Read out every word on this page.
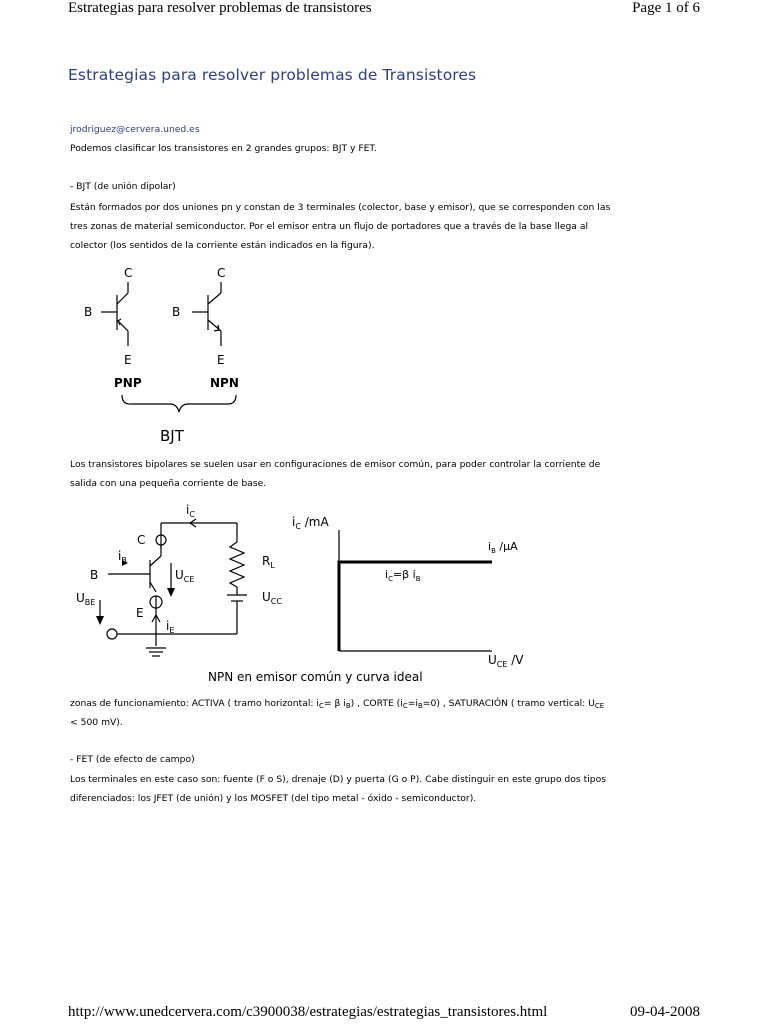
Estrategias para resolver problemas de transistores	Page 1 of 6
Estrategias para resolver problemas de Transistores
jrodriguez@cervera.uned.es
Podemos clasificar los transistores en 2 grandes grupos: BJT y FET.
- BJT (de unión dipolar)
Están formados por dos uniones pn y constan de 3 terminales (colector, base y emisor), que se corresponden con las
tres zonas de material semiconductor. Por el emisor entra un flujo de portadores que a través de la base llega al
colector (los sentidos de la corriente están indicados en la figura).
C
B
E
C
B
E
PNP	NPN
BJT
Los transistores bipolares se suelen usar en configuraciones de emisor común, para poder controlar la corriente de
salida con una pequeña corriente de base.
$i_C$
C
$i_B$
B	$U_{CE}$
$R_L$
$U_{CC}$
$U_{BE}$
E
$i_E$
$i_C$ /mA
$i_B$ /µA
$i_C=\beta$ $i_B$
$U_{CE}$ /V
NPN en emisor común y curva ideal
zonas de funcionamiento: ACTIVA ( tramo horizontal: $i_C= \beta$ $i_B$) , CORTE $(i_C=i_B=0)$ , SATURACIÓN ( tramo vertical: $U_{CE}$
< 500 mV).
- FET (de efecto de campo)
Los terminales en este caso son: fuente (F o S), drenaje (D) y puerta (G o P). Cabe distinguir en este grupo dos tipos
diferenciados: los JFET (de unión) y los MOSFET (del tipo metal - óxido - semiconductor).
http://www.unedcervera.com/c3900038/estrategias/estrategias_transistores.html	09-04-2008
